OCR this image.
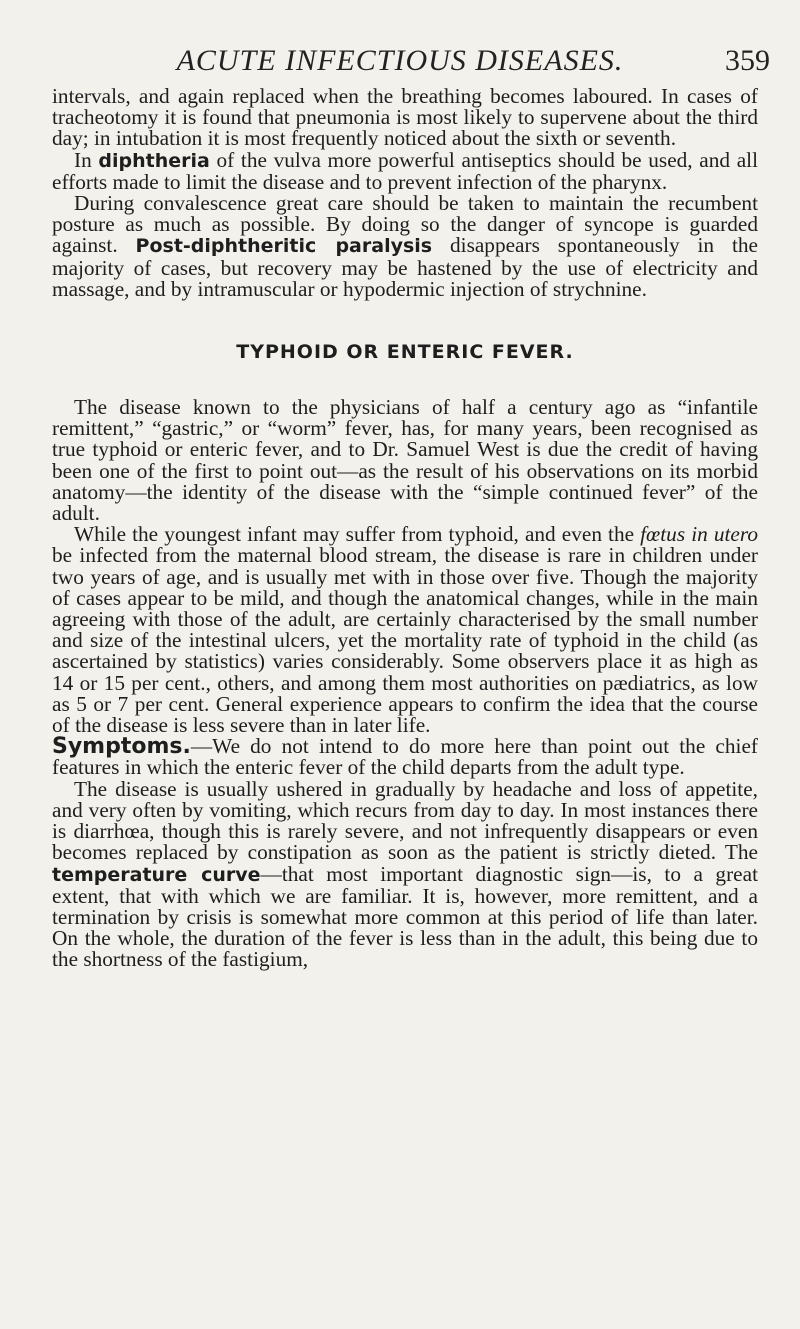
ACUTE INFECTIOUS DISEASES.	359

intervals, and again replaced when the breathing becomes laboured. In cases of tracheotomy it is found that pneumonia is most likely to supervene about the third day; in intubation it is most frequently noticed about the sixth or seventh.

In diphtheria of the vulva more powerful antiseptics should be used, and all efforts made to limit the disease and to prevent infection of the pharynx.

During convalescence great care should be taken to maintain the recumbent posture as much as possible. By doing so the danger of syncope is guarded against. Post-diphtheritic paralysis disappears spontaneously in the majority of cases, but recovery may be hastened by the use of electricity and massage, and by intramuscular or hypodermic injection of strychnine.

TYPHOID OR ENTERIC FEVER.

The disease known to the physicians of half a century ago as “infantile remittent,” “gastric,” or “worm” fever, has, for many years, been recognised as true typhoid or enteric fever, and to Dr. Samuel West is due the credit of having been one of the first to point out—as the result of his observations on its morbid anatomy—the identity of the disease with the “simple continued fever” of the adult.

While the youngest infant may suffer from typhoid, and even the fœtus in utero be infected from the maternal blood stream, the disease is rare in children under two years of age, and is usually met with in those over five. Though the majority of cases appear to be mild, and though the anatomical changes, while in the main agreeing with those of the adult, are certainly characterised by the small number and size of the intestinal ulcers, yet the mortality rate of typhoid in the child (as ascertained by statistics) varies considerably. Some observers place it as high as 14 or 15 per cent., others, and among them most authorities on pædiatrics, as low as 5 or 7 per cent. General experience appears to confirm the idea that the course of the disease is less severe than in later life.

Symptoms.—We do not intend to do more here than point out the chief features in which the enteric fever of the child departs from the adult type.

The disease is usually ushered in gradually by headache and loss of appetite, and very often by vomiting, which recurs from day to day. In most instances there is diarrhœa, though this is rarely severe, and not infrequently disappears or even becomes replaced by constipation as soon as the patient is strictly dieted. The temperature curve—that most important diagnostic sign—is, to a great extent, that with which we are familiar. It is, however, more remittent, and a termination by crisis is somewhat more common at this period of life than later. On the whole, the duration of the fever is less than in the adult, this being due to the shortness of the fastigium,
